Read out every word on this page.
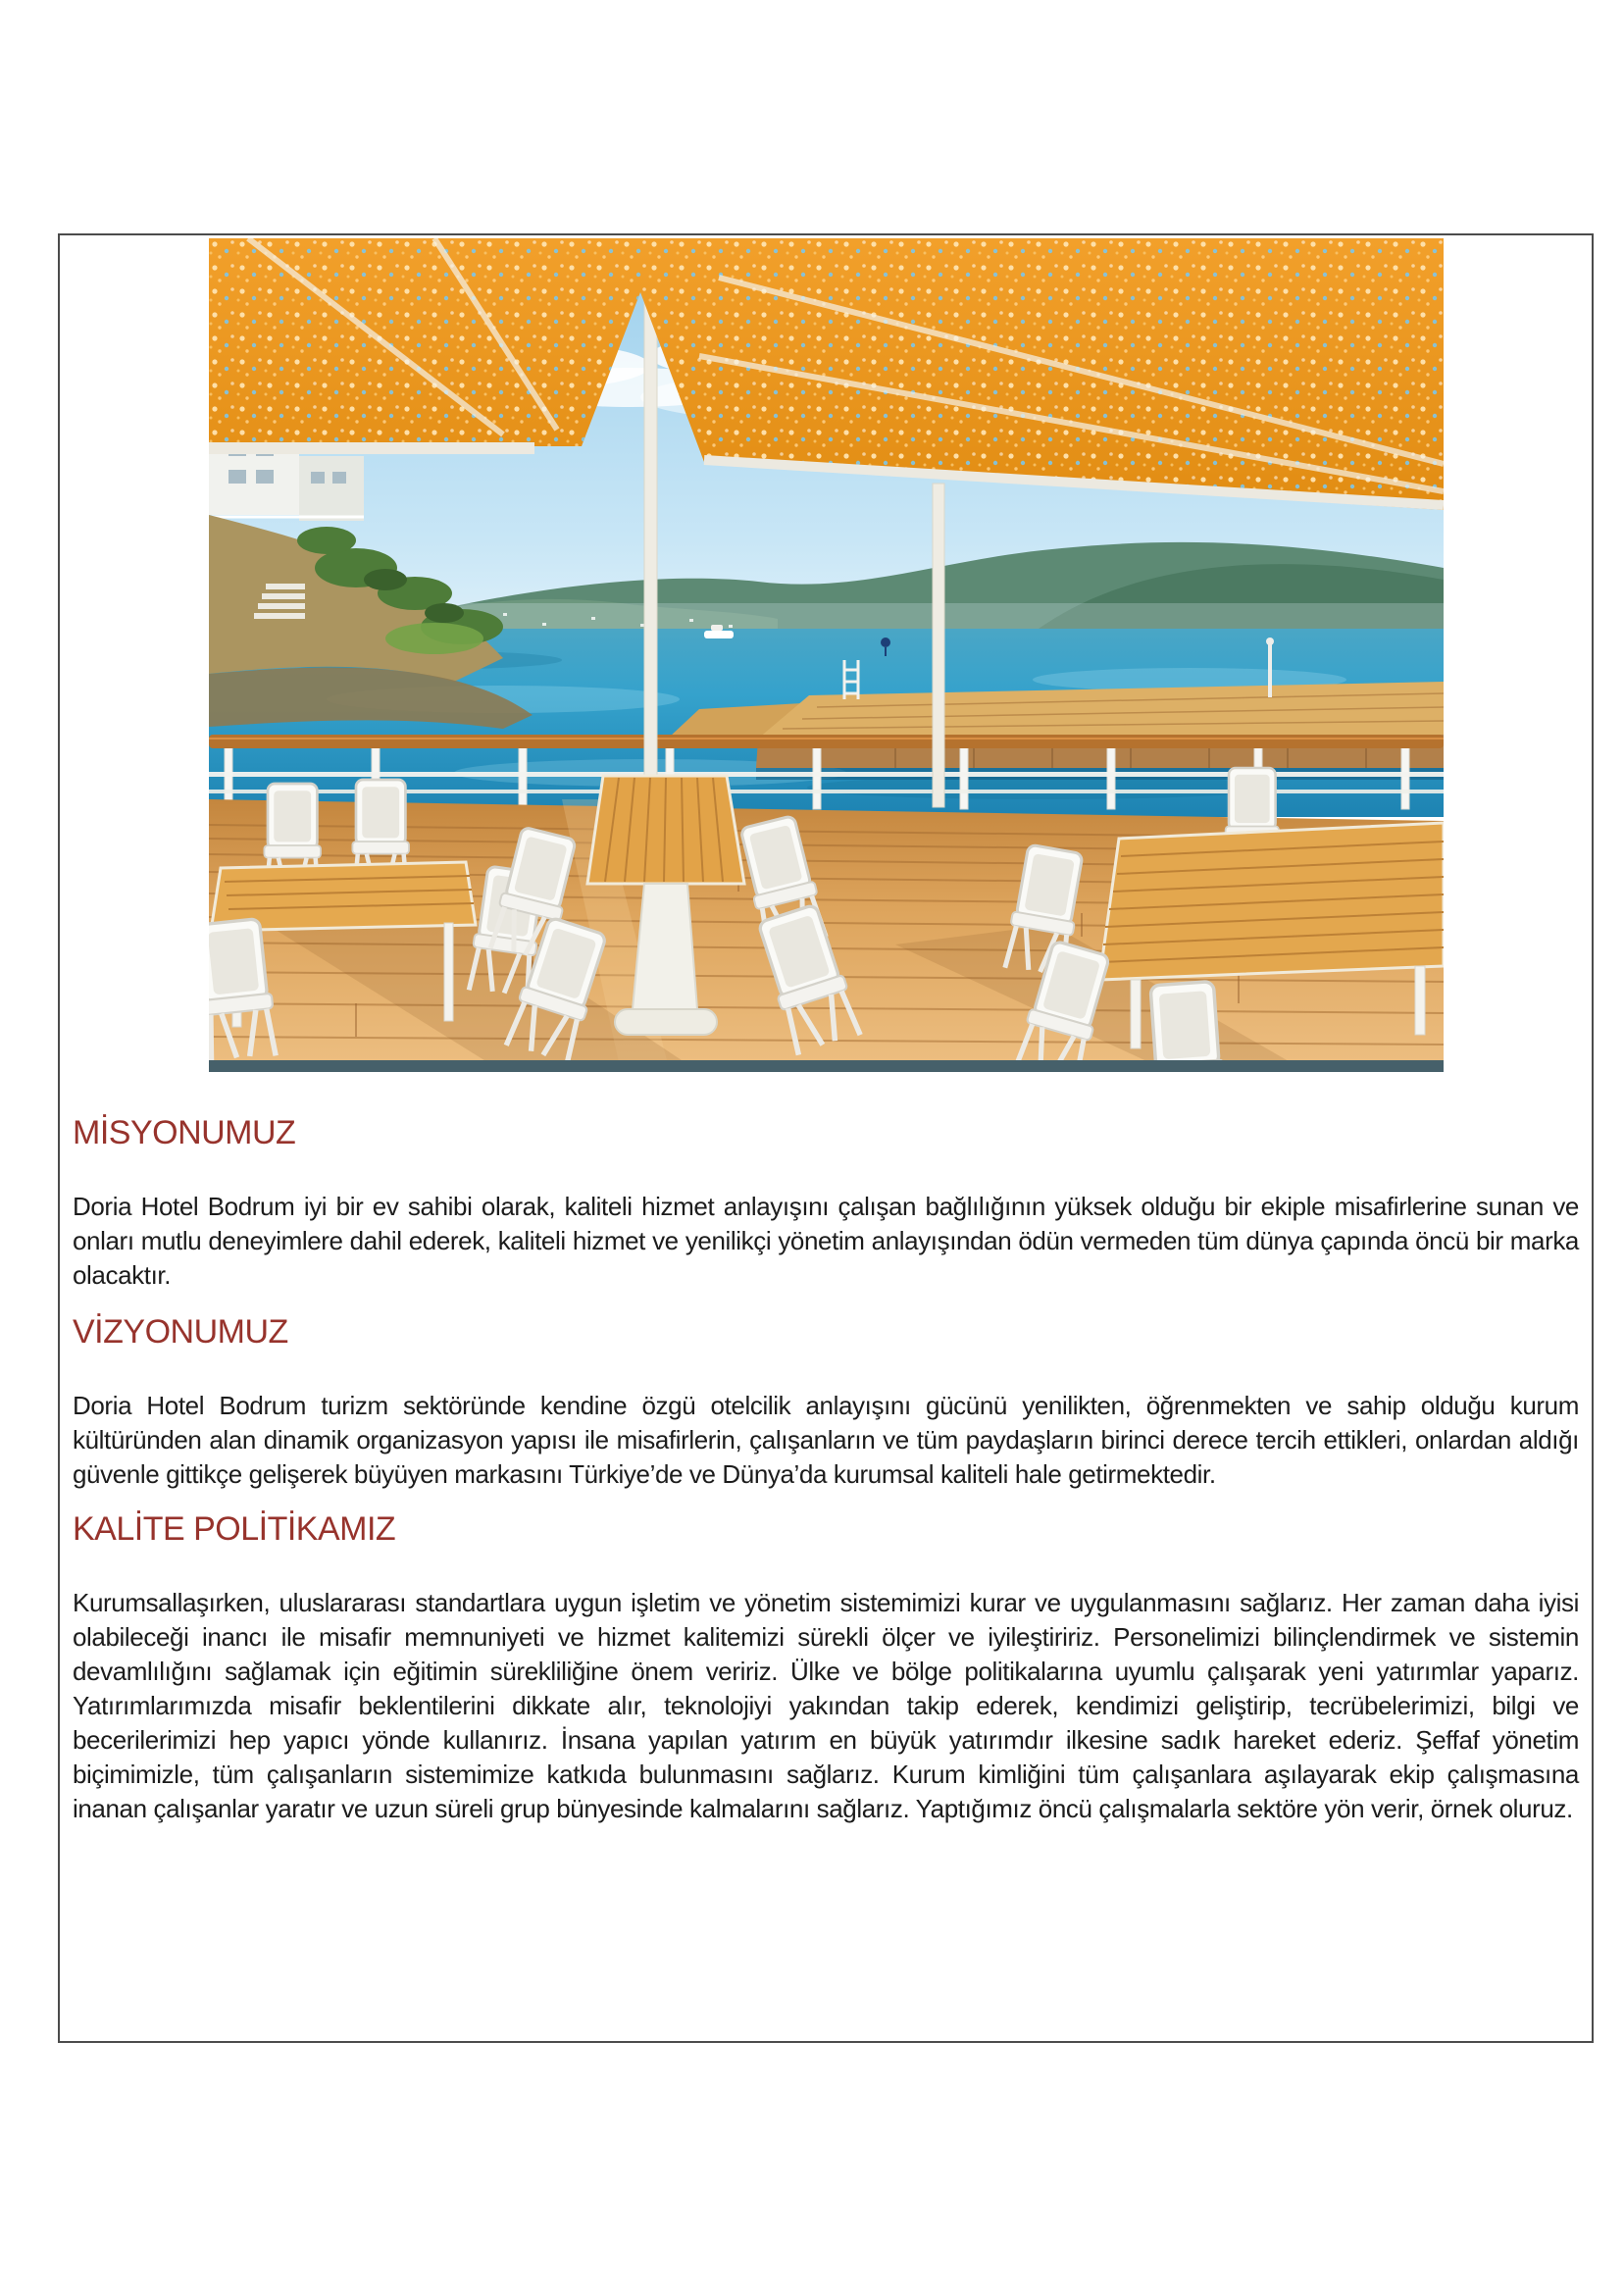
MİSYONUMUZ

Doria Hotel Bodrum iyi bir ev sahibi olarak, kaliteli hizmet anlayışını çalışan bağlılığının yüksek olduğu bir ekiple misafirlerine sunan ve onları mutlu deneyimlere dahil ederek, kaliteli hizmet ve yenilikçi yönetim anlayışından ödün vermeden tüm dünya çapında öncü bir marka olacaktır.

VİZYONUMUZ

Doria Hotel Bodrum turizm sektöründe kendine özgü otelcilik anlayışını gücünü yenilikten, öğrenmekten ve sahip olduğu kurum kültüründen alan dinamik organizasyon yapısı ile misafirlerin, çalışanların ve tüm paydaşların birinci derece tercih ettikleri, onlardan aldığı güvenle gittikçe gelişerek büyüyen markasını Türkiye’de ve Dünya’da kurumsal kaliteli hale getirmektedir.

KALİTE POLİTİKAMIZ

Kurumsallaşırken, uluslararası standartlara uygun işletim ve yönetim sistemimizi kurar ve uygulanmasını sağlarız. Her zaman daha iyisi olabileceği inancı ile misafir memnuniyeti ve hizmet kalitemizi sürekli ölçer ve iyileştiririz. Personelimizi bilinçlendirmek ve sistemin devamlılığını sağlamak için eğitimin sürekliliğine önem veririz. Ülke ve bölge politikalarına uyumlu çalışarak yeni yatırımlar yaparız. Yatırımlarımızda misafir beklentilerini dikkate alır, teknolojiyi yakından takip ederek, kendimizi geliştirip, tecrübelerimizi, bilgi ve becerilerimizi hep yapıcı yönde kullanırız. İnsana yapılan yatırım en büyük yatırımdır ilkesine sadık hareket ederiz. Şeffaf yönetim biçimimizle, tüm çalışanların sistemimize katkıda bulunmasını sağlarız. Kurum kimliğini tüm çalışanlara aşılayarak ekip çalışmasına inanan çalışanlar yaratır ve uzun süreli grup bünyesinde kalmalarını sağlarız. Yaptığımız öncü çalışmalarla sektöre yön verir, örnek oluruz.
